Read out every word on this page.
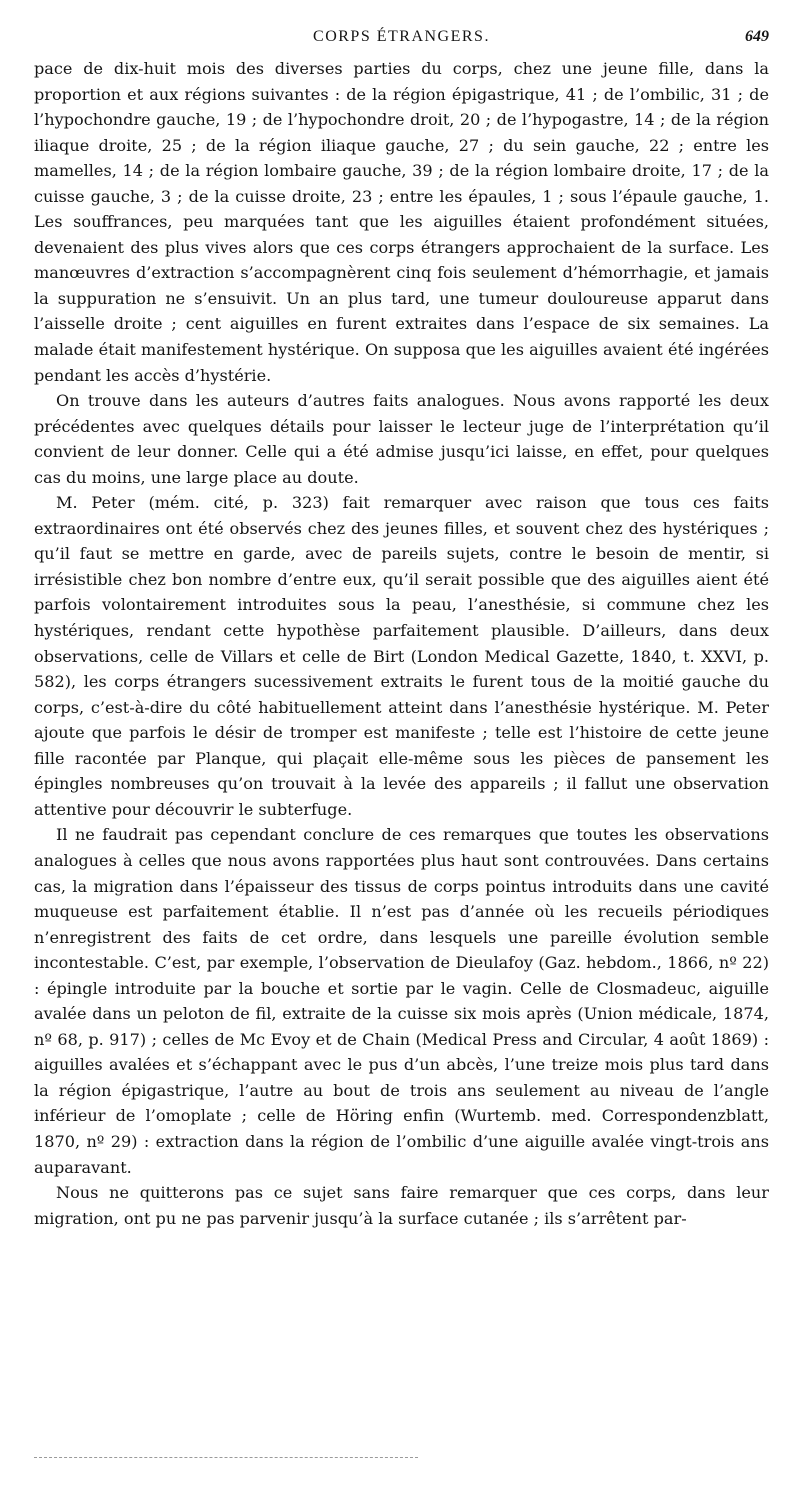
CORPS ÉTRANGERS.	649

pace de dix-huit mois des diverses parties du corps, chez une jeune fille, dans la proportion et aux régions suivantes : de la région épigastrique, 41 ; de l’ombilic, 31 ; de l’hypochondre gauche, 19 ; de l’hypochondre droit, 20 ; de l’hypogastre, 14 ; de la région iliaque droite, 25 ; de la région iliaque gauche, 27 ; du sein gauche, 22 ; entre les mamelles, 14 ; de la région lombaire gauche, 39 ; de la région lombaire droite, 17 ; de la cuisse gauche, 3 ; de la cuisse droite, 23 ; entre les épaules, 1 ; sous l’épaule gauche, 1. Les souffrances, peu marquées tant que les aiguilles étaient profondément situées, devenaient des plus vives alors que ces corps étrangers approchaient de la surface. Les manœuvres d’extraction s’accompagnèrent cinq fois seulement d’hémorrhagie, et jamais la suppuration ne s’ensuivit. Un an plus tard, une tumeur douloureuse apparut dans l’aisselle droite ; cent aiguilles en furent extraites dans l’espace de six semaines. La malade était manifestement hystérique. On supposa que les aiguilles avaient été ingérées pendant les accès d’hystérie.

On trouve dans les auteurs d’autres faits analogues. Nous avons rapporté les deux précédentes avec quelques détails pour laisser le lecteur juge de l’interprétation qu’il convient de leur donner. Celle qui a été admise jusqu’ici laisse, en effet, pour quelques cas du moins, une large place au doute.

M. Peter (mém. cité, p. 323) fait remarquer avec raison que tous ces faits extraordinaires ont été observés chez des jeunes filles, et souvent chez des hystériques ; qu’il faut se mettre en garde, avec de pareils sujets, contre le besoin de mentir, si irrésistible chez bon nombre d’entre eux, qu’il serait possible que des aiguilles aient été parfois volontairement introduites sous la peau, l’anesthésie, si commune chez les hystériques, rendant cette hypothèse parfaitement plausible. D’ailleurs, dans deux observations, celle de Villars et celle de Birt (London Medical Gazette, 1840, t. XXVI, p. 582), les corps étrangers sucessivement extraits le furent tous de la moitié gauche du corps, c’est-à-dire du côté habituellement atteint dans l’anesthésie hystérique. M. Peter ajoute que parfois le désir de tromper est manifeste ; telle est l’histoire de cette jeune fille racontée par Planque, qui plaçait elle-même sous les pièces de pansement les épingles nombreuses qu’on trouvait à la levée des appareils ; il fallut une observation attentive pour découvrir le subterfuge.

Il ne faudrait pas cependant conclure de ces remarques que toutes les observations analogues à celles que nous avons rapportées plus haut sont controuvées. Dans certains cas, la migration dans l’épaisseur des tissus de corps pointus introduits dans une cavité muqueuse est parfaitement établie. Il n’est pas d’année où les recueils périodiques n’enregistrent des faits de cet ordre, dans lesquels une pareille évolution semble incontestable. C’est, par exemple, l’observation de Dieulafoy (Gaz. hebdom., 1866, nº 22) : épingle introduite par la bouche et sortie par le vagin. Celle de Closmadeuc, aiguille avalée dans un peloton de fil, extraite de la cuisse six mois après (Union médicale, 1874, nº 68, p. 917) ; celles de Mc Evoy et de Chain (Medical Press and Circular, 4 août 1869) : aiguilles avalées et s’échappant avec le pus d’un abcès, l’une treize mois plus tard dans la région épigastrique, l’autre au bout de trois ans seulement au niveau de l’angle inférieur de l’omoplate ; celle de Höring enfin (Wurtemb. med. Correspondenzblatt, 1870, nº 29) : extraction dans la région de l’ombilic d’une aiguille avalée vingt-trois ans auparavant.

Nous ne quitterons pas ce sujet sans faire remarquer que ces corps, dans leur migration, ont pu ne pas parvenir jusqu’à la surface cutanée ; ils s’arrêtent par-
